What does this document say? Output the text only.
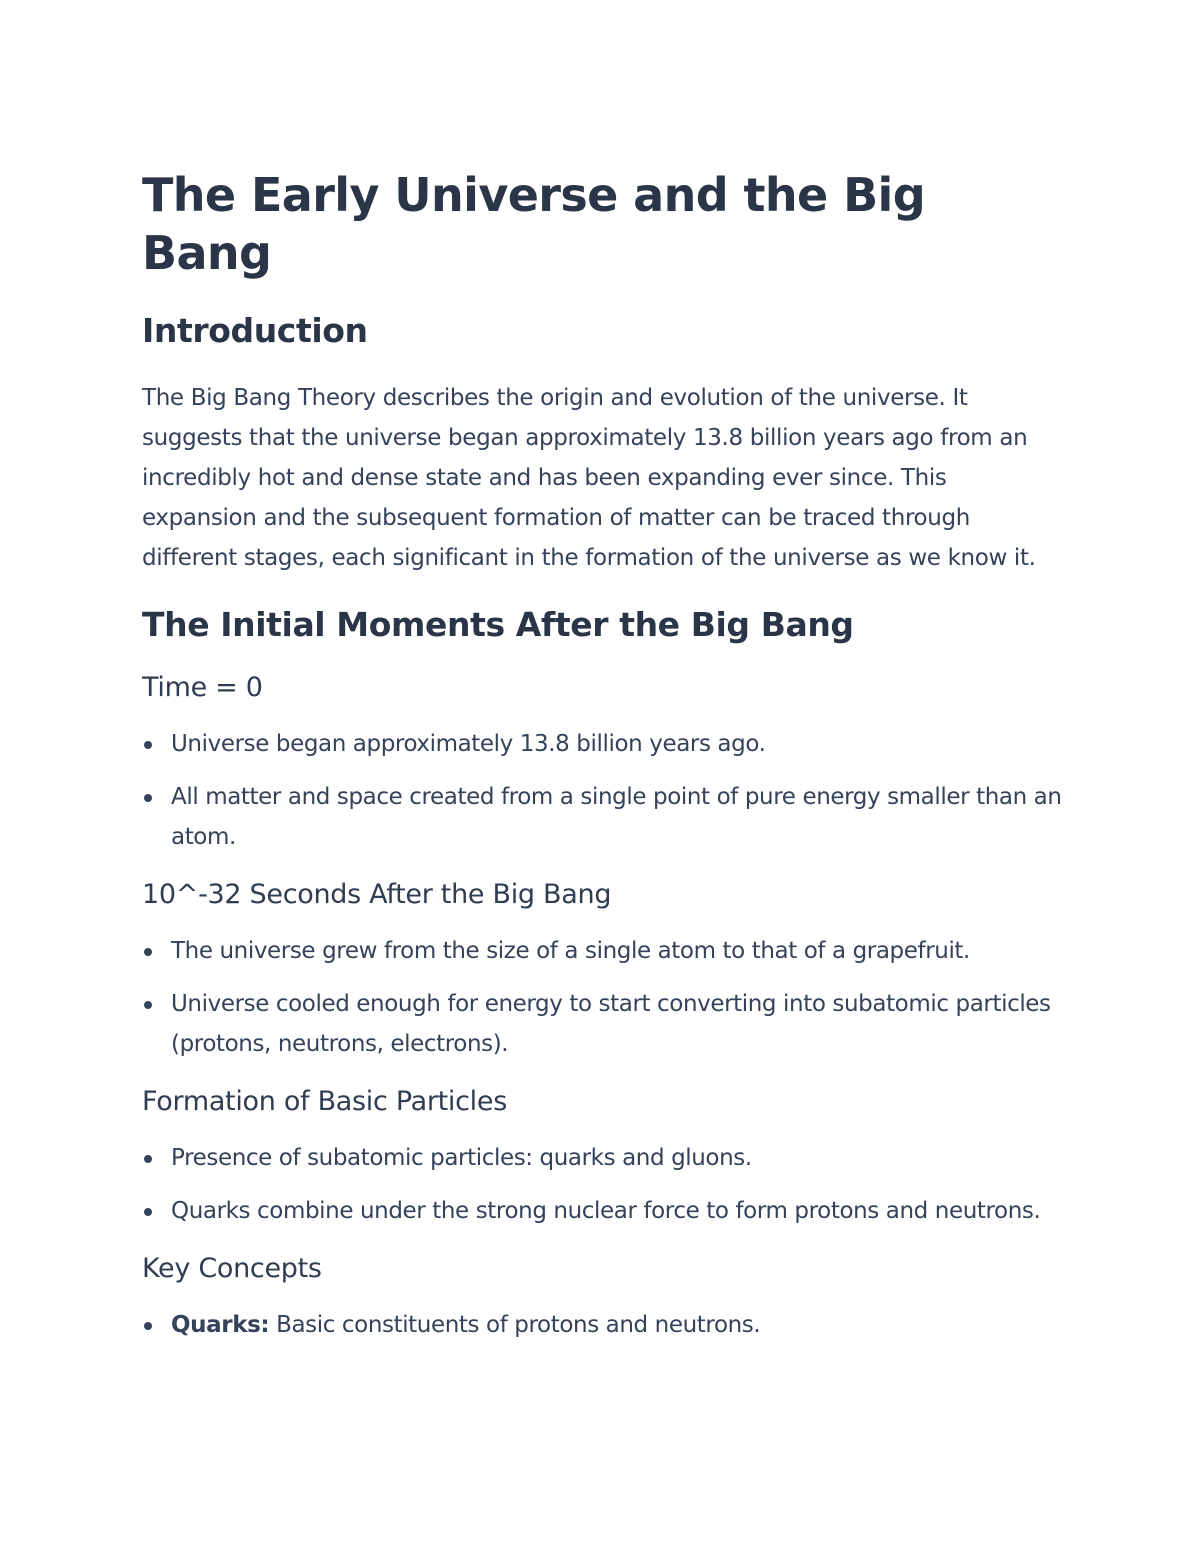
The Early Universe and the Big Bang
Introduction

The Big Bang Theory describes the origin and evolution of the universe. It suggests that the universe began approximately 13.8 billion years ago from an incredibly hot and dense state and has been expanding ever since. This expansion and the subsequent formation of matter can be traced through different stages, each significant in the formation of the universe as we know it.

The Initial Moments After the Big Bang
Time = 0
Universe began approximately 13.8 billion years ago.
All matter and space created from a single point of pure energy smaller than an atom.
10^-32 Seconds After the Big Bang
The universe grew from the size of a single atom to that of a grapefruit.
Universe cooled enough for energy to start converting into subatomic particles (protons, neutrons, electrons).
Formation of Basic Particles
Presence of subatomic particles: quarks and gluons.
Quarks combine under the strong nuclear force to form protons and neutrons.
Key Concepts
Quarks: Basic constituents of protons and neutrons.
